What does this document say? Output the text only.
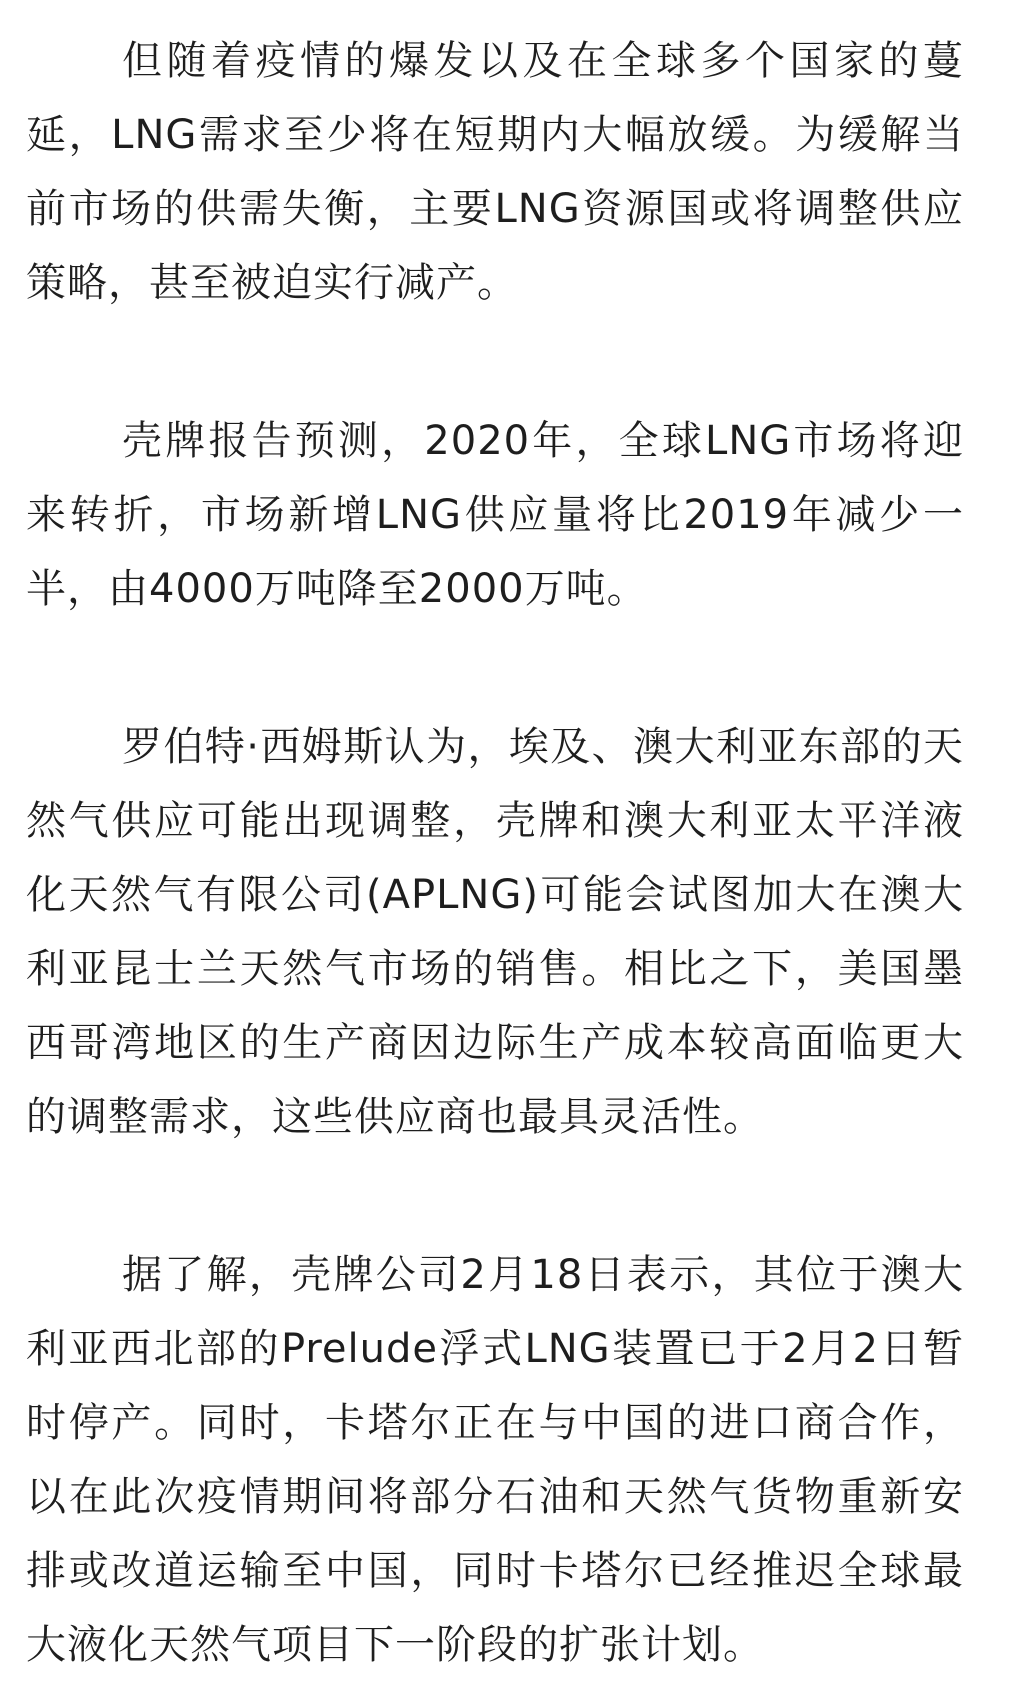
但随着疫情的爆发以及在全球多个国家的蔓延，LNG需求至少将在短期内大幅放缓。为缓解当前市场的供需失衡，主要LNG资源国或将调整供应策略，甚至被迫实行减产。

壳牌报告预测，2020年，全球LNG市场将迎来转折，市场新增LNG供应量将比2019年减少一半，由4000万吨降至2000万吨。

罗伯特·西姆斯认为，埃及、澳大利亚东部的天然气供应可能出现调整，壳牌和澳大利亚太平洋液化天然气有限公司(APLNG)可能会试图加大在澳大利亚昆士兰天然气市场的销售。相比之下，美国墨西哥湾地区的生产商因边际生产成本较高面临更大的调整需求，这些供应商也最具灵活性。

据了解，壳牌公司2月18日表示，其位于澳大利亚西北部的Prelude浮式LNG装置已于2月2日暂时停产。同时，卡塔尔正在与中国的进口商合作，以在此次疫情期间将部分石油和天然气货物重新安排或改道运输至中国，同时卡塔尔已经推迟全球最大液化天然气项目下一阶段的扩张计划。
